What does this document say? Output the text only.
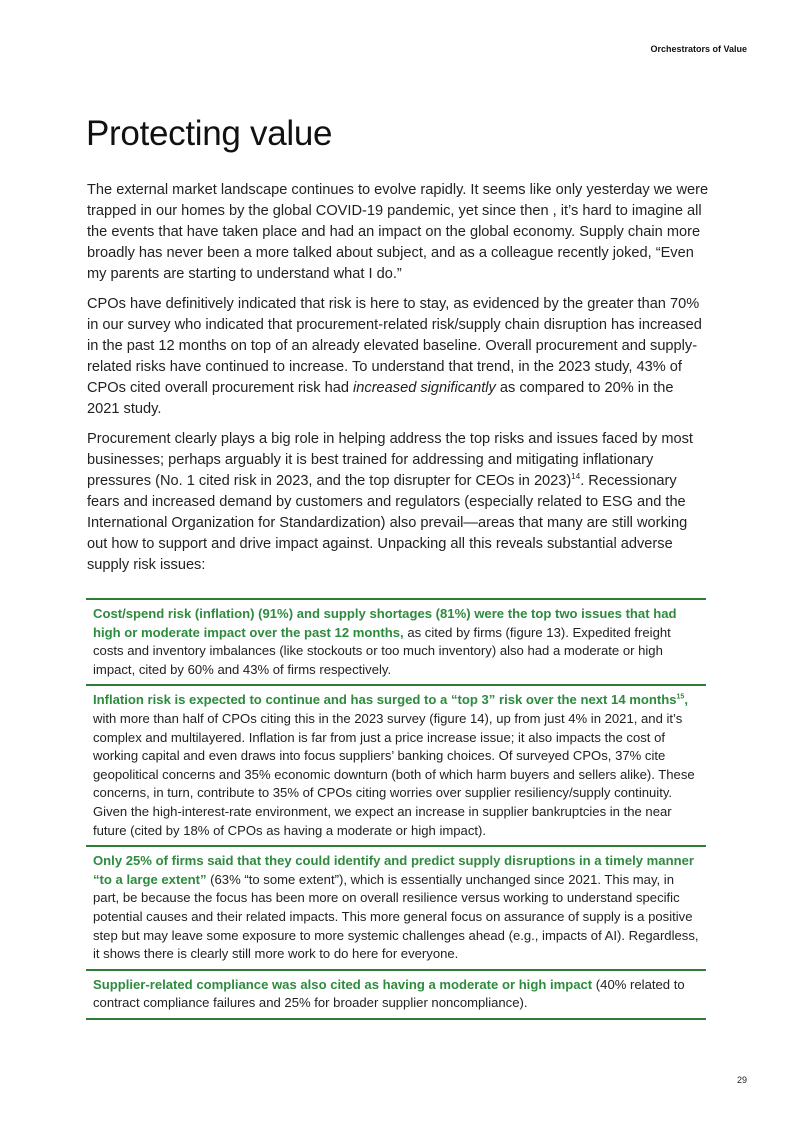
Orchestrators of Value
Protecting value

The external market landscape continues to evolve rapidly. It seems like only yesterday we were trapped in our homes by the global COVID-19 pandemic, yet since then , it’s hard to imagine all the events that have taken place and had an impact on the global economy. Supply chain more broadly has never been a more talked about subject, and as a colleague recently joked, “Even my parents are starting to understand what I do.”

CPOs have definitively indicated that risk is here to stay, as evidenced by the greater than 70% in our survey who indicated that procurement-related risk/supply chain disruption has increased in the past 12 months on top of an already elevated baseline. Overall procurement and supply-related risks have continued to increase. To understand that trend, in the 2023 study, 43% of CPOs cited overall procurement risk had increased significantly as compared to 20% in the 2021 study.

Procurement clearly plays a big role in helping address the top risks and issues faced by most businesses; perhaps arguably it is best trained for addressing and mitigating inflationary pressures (No. 1 cited risk in 2023, and the top disrupter for CEOs in 2023)$^{14}$. Recessionary fears and increased demand by customers and regulators (especially related to ESG and the International Organization for Standardization) also prevail—areas that many are still working out how to support and drive impact against. Unpacking all this reveals substantial adverse supply risk issues:

Cost/spend risk (inflation) (91%) and supply shortages (81%) were the top two issues that had high or moderate impact over the past 12 months, as cited by firms (figure 13). Expedited freight costs and inventory imbalances (like stockouts or too much inventory) also had a moderate or high impact, cited by 60% and 43% of firms respectively.
Inflation risk is expected to continue and has surged to a “top 3” risk over the next 14 months$^{15}$, with more than half of CPOs citing this in the 2023 survey (figure 14), up from just 4% in 2021, and it’s complex and multilayered. Inflation is far from just a price increase issue; it also impacts the cost of working capital and even draws into focus suppliers’ banking choices. Of surveyed CPOs, 37% cite geopolitical concerns and 35% economic downturn (both of which harm buyers and sellers alike). These concerns, in turn, contribute to 35% of CPOs citing worries over supplier resiliency/supply continuity. Given the high-interest-rate environment, we expect an increase in supplier bankruptcies in the near future (cited by 18% of CPOs as having a moderate or high impact).
Only 25% of firms said that they could identify and predict supply disruptions in a timely manner “to a large extent” (63% “to some extent”), which is essentially unchanged since 2021. This may, in part, be because the focus has been more on overall resilience versus working to understand specific potential causes and their related impacts. This more general focus on assurance of supply is a positive step but may leave some exposure to more systemic challenges ahead (e.g., impacts of AI). Regardless, it shows there is clearly still more work to do here for everyone.
Supplier-related compliance was also cited as having a moderate or high impact (40% related to contract compliance failures and 25% for broader supplier noncompliance).
29
